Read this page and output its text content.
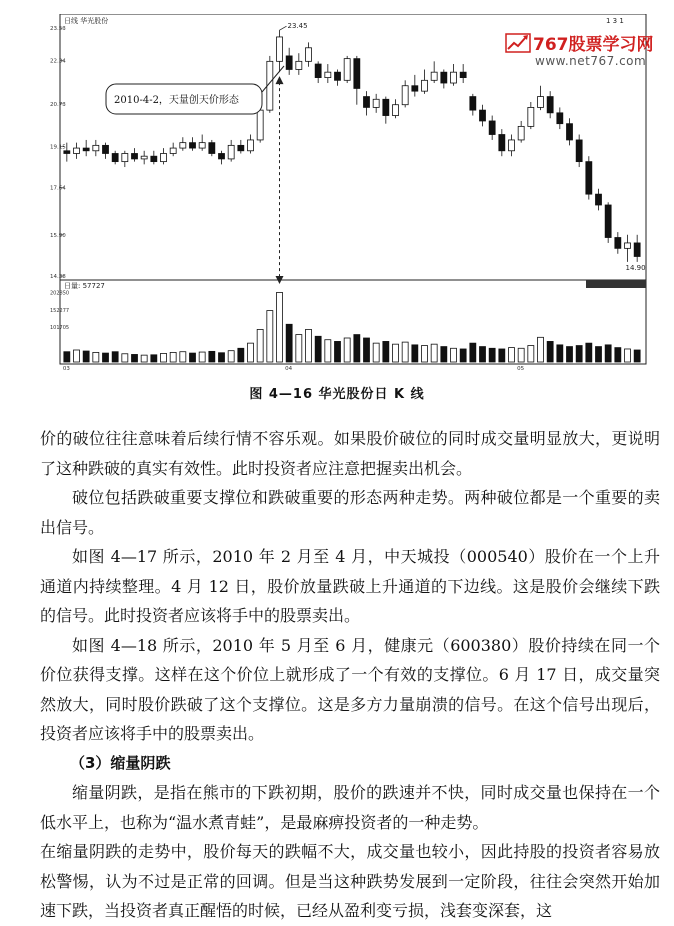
日线 华光股份	1 3 1
日量: 57727
23.53
22.34
20.73
19.15
17.64
15.90
14.38
202850
152277
101705
03	04	05
23.45
14.90
2010-4-2，天量创天价形态
767股票学习网
www.net767.com
图 4—16 华光股份日 K 线

价的破位往往意味着后续行情不容乐观。如果股价破位的同时成交量明显放大，更说明了这种跌破的真实有效性。此时投资者应注意把握卖出机会。

破位包括跌破重要支撑位和跌破重要的形态两种走势。两种破位都是一个重要的卖出信号。

如图 4—17 所示，2010 年 2 月至 4 月，中天城投（000540）股价在一个上升通道内持续整理。4 月 12 日，股价放量跌破上升通道的下边线。这是股价会继续下跌的信号。此时投资者应该将手中的股票卖出。

如图 4—18 所示，2010 年 5 月至 6 月，健康元（600380）股价持续在同一个价位获得支撑。这样在这个价位上就形成了一个有效的支撑位。6 月 17 日，成交量突然放大，同时股价跌破了这个支撑位。这是多方力量崩溃的信号。在这个信号出现后，投资者应该将手中的股票卖出。

（3）缩量阴跌

缩量阴跌，是指在熊市的下跌初期，股价的跌速并不快，同时成交量也保持在一个低水平上，也称为“温水煮青蛙”，是最麻痹投资者的一种走势。

在缩量阴跌的走势中，股价每天的跌幅不大，成交量也较小，因此持股的投资者容易放松警惕，认为不过是正常的回调。但是当这种跌势发展到一定阶段，往往会突然开始加速下跌，当投资者真正醒悟的时候，已经从盈利变亏损，浅套变深套，这
